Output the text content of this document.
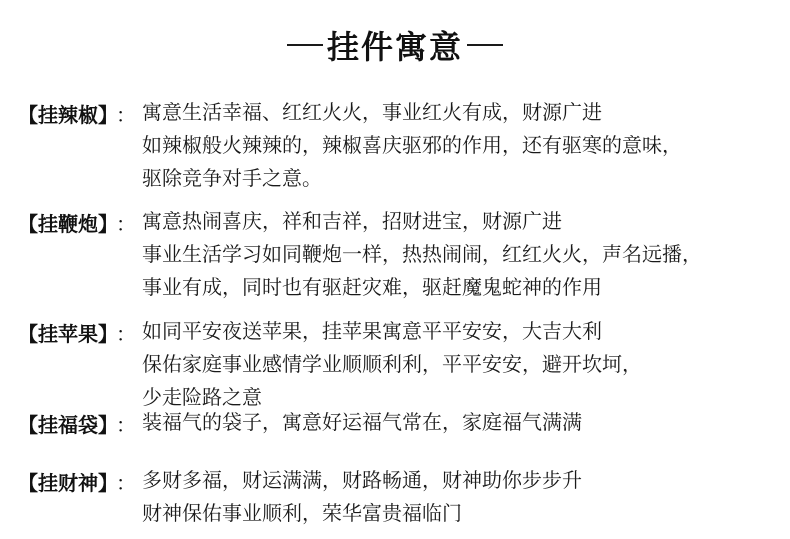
挂件寓意
【挂辣椒】
： 寓意生活幸福、红红火火，事业红火有成，财源广进
如辣椒般火辣辣的，辣椒喜庆驱邪的作用，还有驱寒的意味，
驱除竞争对手之意。
【挂鞭炮】
： 寓意热闹喜庆，祥和吉祥，招财进宝，财源广进
事业生活学习如同鞭炮一样，热热闹闹，红红火火，声名远播，
事业有成，同时也有驱赶灾难，驱赶魔鬼蛇神的作用
【挂苹果】
： 如同平安夜送苹果，挂苹果寓意平平安安，大吉大利
保佑家庭事业感情学业顺顺利利，平平安安，避开坎坷，
少走险路之意
【挂福袋】
： 装福气的袋子，寓意好运福气常在，家庭福气满满
【挂财神】
： 多财多福，财运满满，财路畅通，财神助你步步升
财神保佑事业顺利，荣华富贵福临门
